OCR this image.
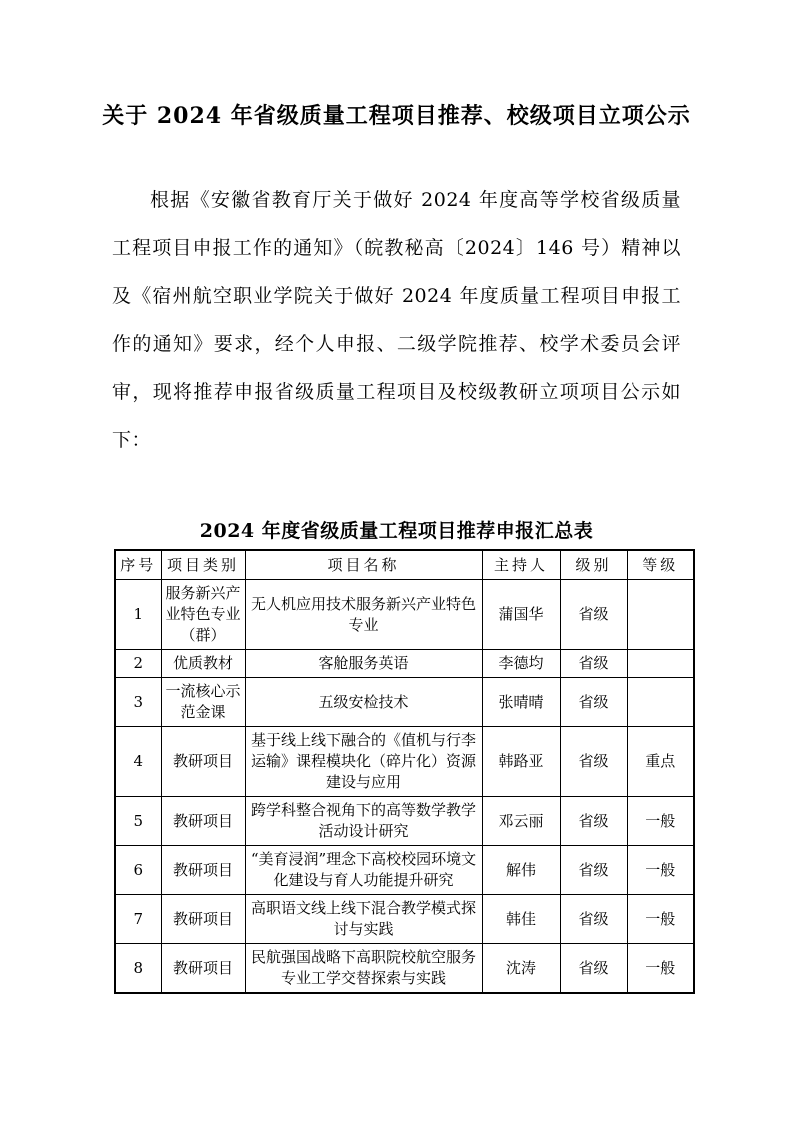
关于 2024 年省级质量工程项目推荐、校级项目立项公示

根据《安徽省教育厅关于做好 2024 年度高等学校省级质量工程项目申报工作的通知》（皖教秘高〔2024〕146 号）精神以及《宿州航空职业学院关于做好 2024 年度质量工程项目申报工作的通知》要求，经个人申报、二级学院推荐、校学术委员会评审，现将推荐申报省级质量工程项目及校级教研立项项目公示如下：

2024 年度省级质量工程项目推荐申报汇总表
序号	项目类别	项目名称	主持人	级别	等级
1	服务新兴产业特色专业（群）	无人机应用技术服务新兴产业特色专业	蒲国华	省级	
2	优质教材	客舱服务英语	李德均	省级	
3	一流核心示范金课	五级安检技术	张晴晴	省级	
4	教研项目	基于线上线下融合的《值机与行李运输》课程模块化（碎片化）资源建设与应用	韩路亚	省级	重点
5	教研项目	跨学科整合视角下的高等数学教学活动设计研究	邓云丽	省级	一般
6	教研项目	“美育浸润”理念下高校校园环境文化建设与育人功能提升研究	解伟	省级	一般
7	教研项目	高职语文线上线下混合教学模式探讨与实践	韩佳	省级	一般
8	教研项目	民航强国战略下高职院校航空服务专业工学交替探索与实践	沈涛	省级	一般
